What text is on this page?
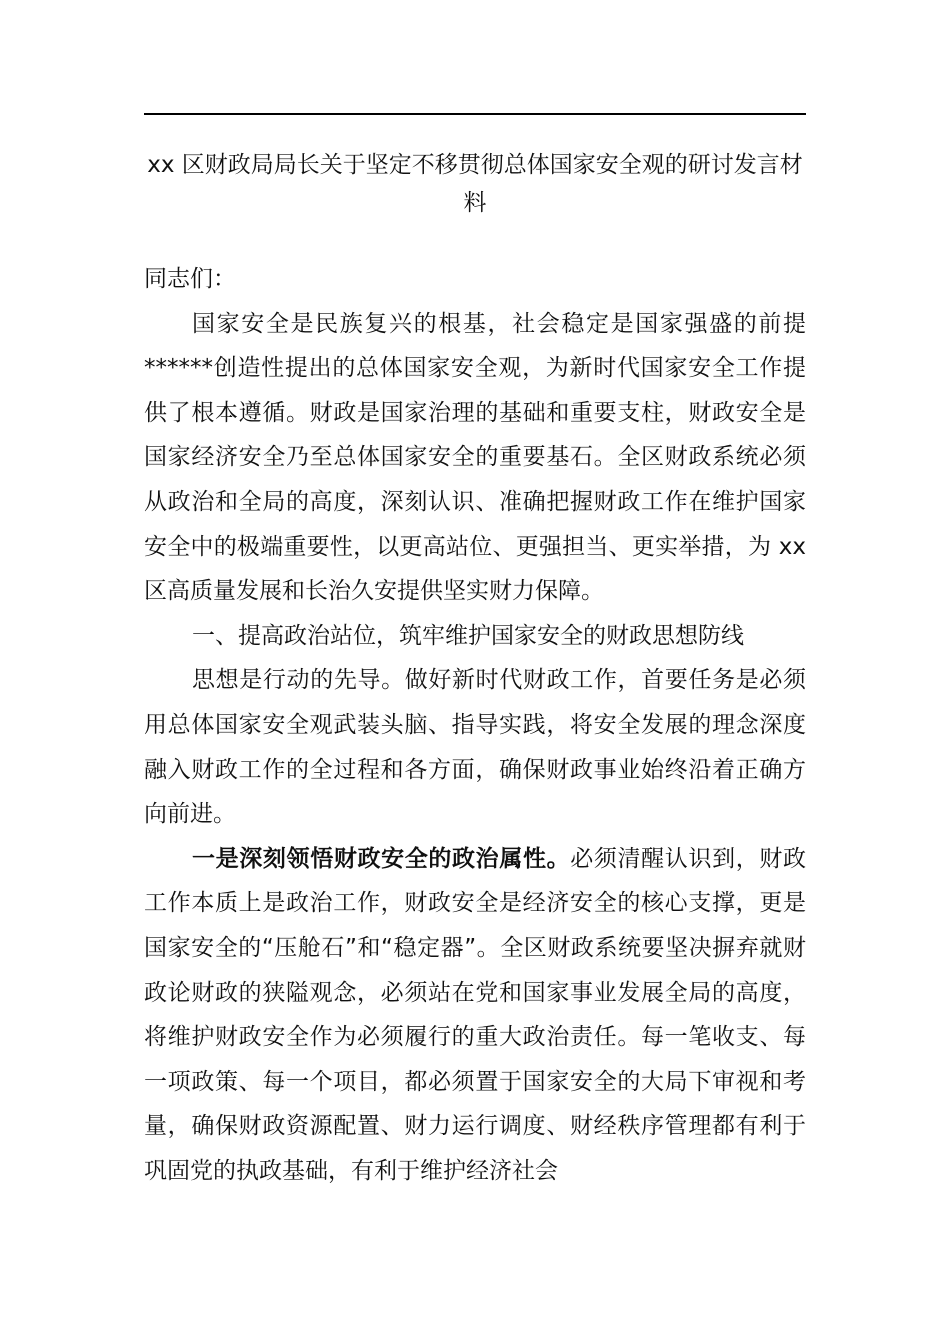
xx 区财政局局长关于坚定不移贯彻总体国家安全观的研讨发言材料

同志们：

国家安全是民族复兴的根基，社会稳定是国家强盛的前提******创造性提出的总体国家安全观，为新时代国家安全工作提供了根本遵循。财政是国家治理的基础和重要支柱，财政安全是国家经济安全乃至总体国家安全的重要基石。全区财政系统必须从政治和全局的高度，深刻认识、准确把握财政工作在维护国家安全中的极端重要性，以更高站位、更强担当、更实举措，为 xx 区高质量发展和长治久安提供坚实财力保障。

一、提高政治站位，筑牢维护国家安全的财政思想防线

思想是行动的先导。做好新时代财政工作，首要任务是必须用总体国家安全观武装头脑、指导实践，将安全发展的理念深度融入财政工作的全过程和各方面，确保财政事业始终沿着正确方向前进。

一是深刻领悟财政安全的政治属性。必须清醒认识到，财政工作本质上是政治工作，财政安全是经济安全的核心支撑，更是国家安全的“压舱石”和“稳定器”。全区财政系统要坚决摒弃就财政论财政的狭隘观念，必须站在党和国家事业发展全局的高度，将维护财政安全作为必须履行的重大政治责任。每一笔收支、每一项政策、每一个项目，都必须置于国家安全的大局下审视和考量，确保财政资源配置、财力运行调度、财经秩序管理都有利于巩固党的执政基础，有利于维护经济社会
